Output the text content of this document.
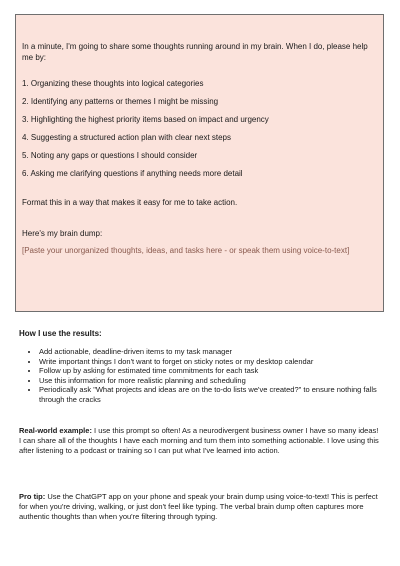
In a minute, I'm going to share some thoughts running around in my brain. When I do, please help me by:

1. Organizing these thoughts into logical categories

2. Identifying any patterns or themes I might be missing

3. Highlighting the highest priority items based on impact and urgency

4. Suggesting a structured action plan with clear next steps

5. Noting any gaps or questions I should consider

6. Asking me clarifying questions if anything needs more detail

Format this in a way that makes it easy for me to take action.

Here's my brain dump:

[Paste your unorganized thoughts, ideas, and tasks here - or speak them using voice-to-text]

How I use the results:

• Add actionable, deadline-driven items to my task manager
• Write important things I don't want to forget on sticky notes or my desktop calendar
• Follow up by asking for estimated time commitments for each task
• Use this information for more realistic planning and scheduling
• Periodically ask "What projects and ideas are on the to-do lists we've created?" to ensure nothing falls through the cracks

Real-world example: I use this prompt so often! As a neurodivergent business owner I have so many ideas! I can share all of the thoughts I have each morning and turn them into something actionable. I love using this after listening to a podcast or training so I can put what I've learned into action.

Pro tip: Use the ChatGPT app on your phone and speak your brain dump using voice-to-text! This is perfect for when you're driving, walking, or just don't feel like typing. The verbal brain dump often captures more authentic thoughts than when you're filtering through typing.
